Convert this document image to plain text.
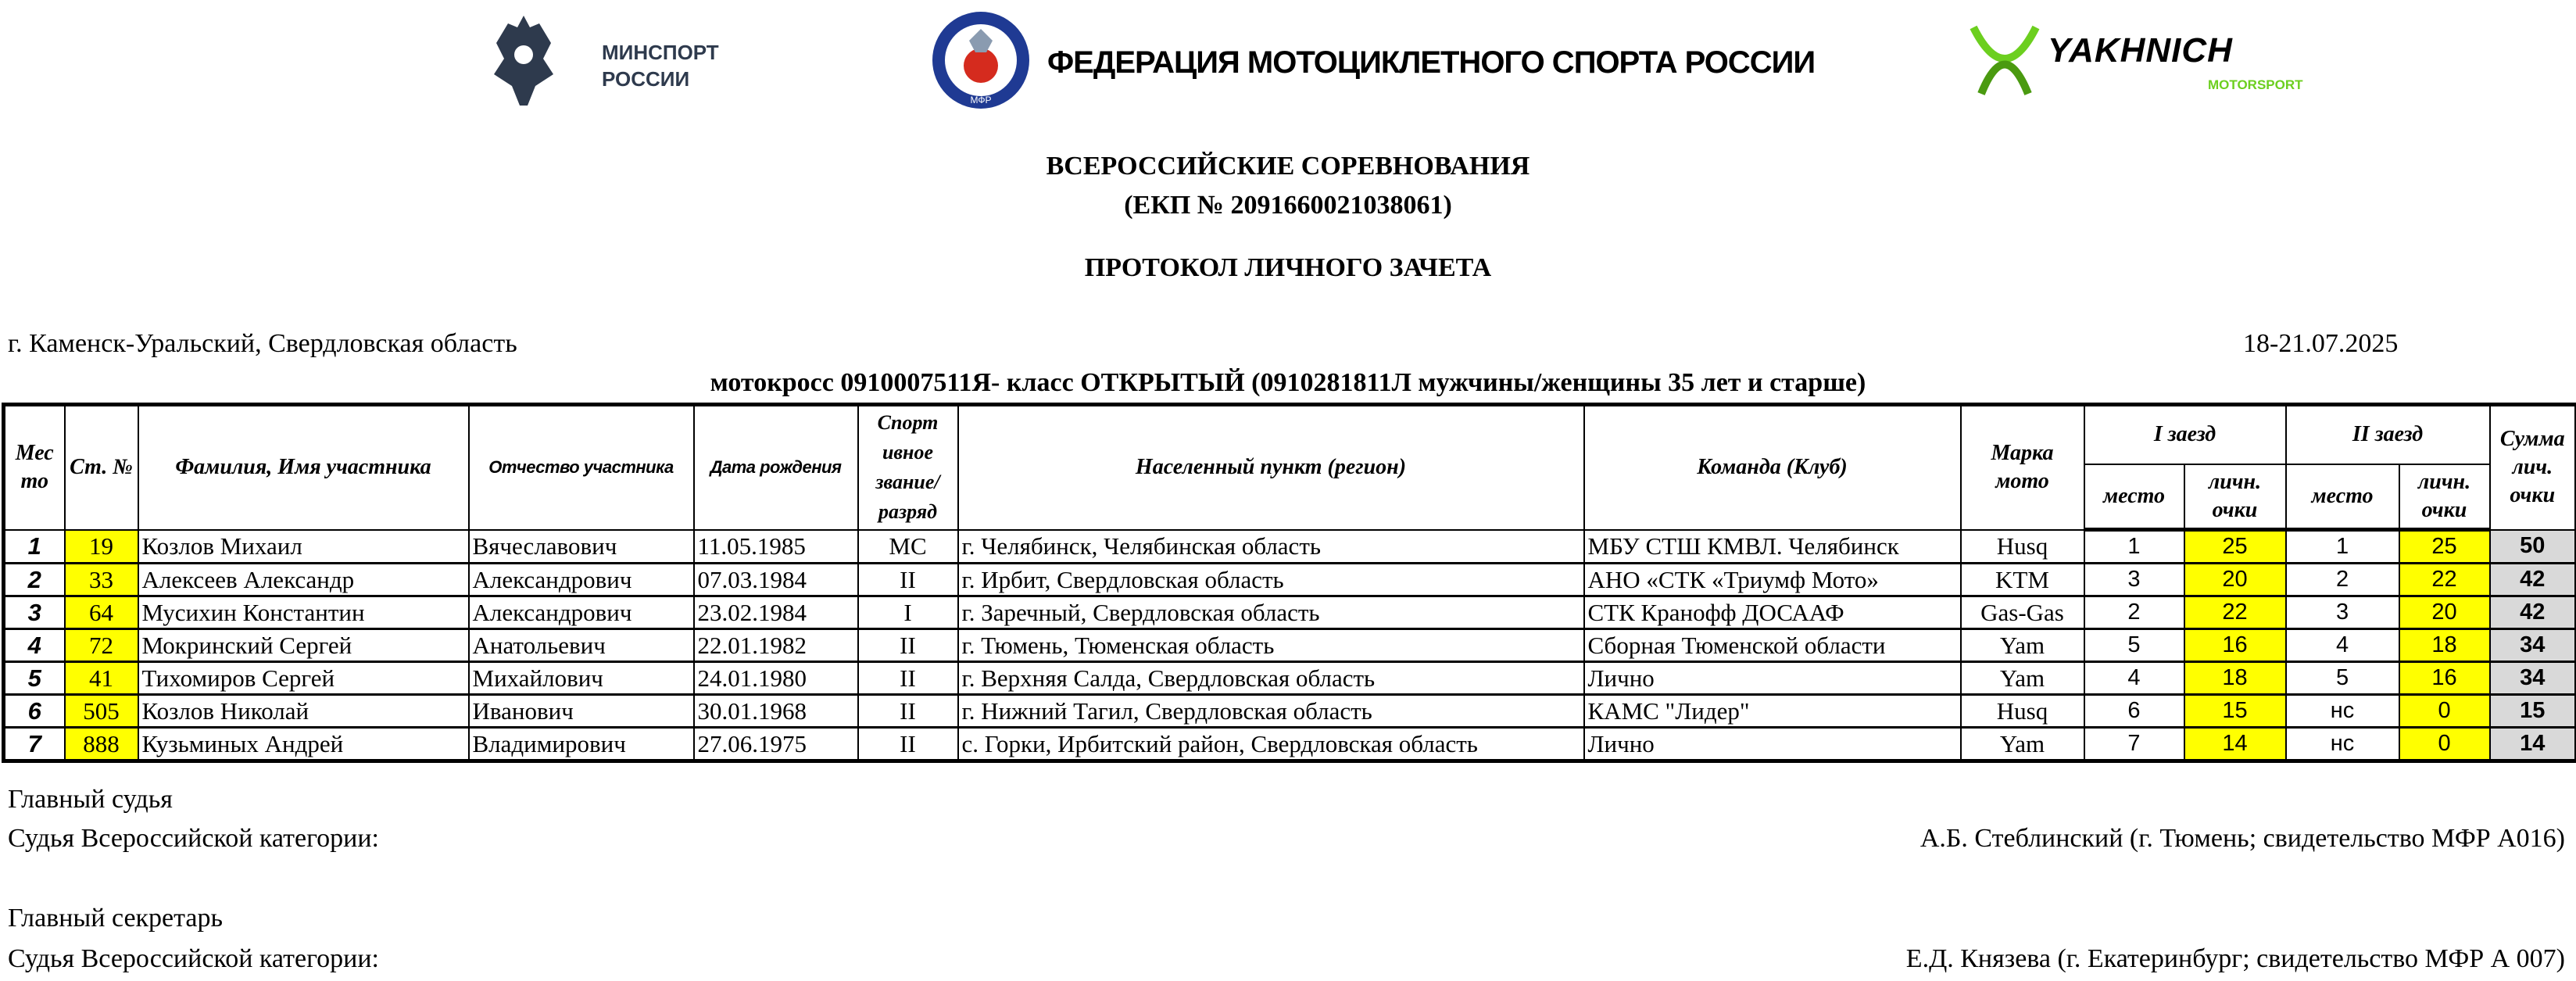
МИНСПОРТ РОССИИ
МФР
ФЕДЕРАЦИЯ МОТОЦИКЛЕТНОГО СПОРТА РОССИИ	YAKHNICH
MOTORSPORT
ВСЕРОССИЙСКИЕ СОРЕВНОВАНИЯ
(ЕКП № 2091660021038061)
ПРОТОКОЛ ЛИЧНОГО ЗАЧЕТА
г. Каменск-Уральский, Свердловская область	18-21.07.2025
мотокросс 0910007511Я- класс ОТКРЫТЫЙ (0910281811Л мужчины/женщины 35 лет и старше)
Мес то	Ст. №	Фамилия, Имя участника	Отчество участника	Дата рождения	Спорт ивное звание/ разряд	Населенный пункт (регион)	Команда (Клуб)	Марка мото	I заезд		II заезд		Сумма лич. очки
									место	личн. очки	место	личн. очки	
1	19	Козлов Михаил	Вячеславович	11.05.1985	МС	г. Челябинск, Челябинская область	МБУ СТШ КМВЛ. Челябинск	Husq	1	25	1	25	50
2	33	Алексеев Александр	Александрович	07.03.1984	II	г. Ирбит, Свердловская область	АНО «СТК «Триумф Мото»	KTM	3	20	2	22	42
3	64	Мусихин Константин	Александрович	23.02.1984	I	г. Заречный, Свердловская область	СТК Кранофф ДОСААФ	Gas-Gas	2	22	3	20	42
4	72	Мокринский Сергей	Анатольевич	22.01.1982	II	г. Тюмень, Тюменская область	Сборная Тюменской области	Yam	5	16	4	18	34
5	41	Тихомиров Сергей	Михайлович	24.01.1980	II	г. Верхняя Салда, Свердловская область	Лично	Yam	4	18	5	16	34
6	505	Козлов Николай	Иванович	30.01.1968	II	г. Нижний Тагил, Свердловская область	КАМС "Лидер"	Husq	6	15	нс	0	15
7	888	Кузьминых Андрей	Владимирович	27.06.1975	II	с. Горки, Ирбитский район, Свердловская область	Лично	Yam	7	14	нс	0	14
Главный судья
Судья Всероссийской категории:	А.Б. Стеблинский (г. Тюмень; свидетельство МФР А016)
Главный секретарь
Судья Всероссийской категории:	Е.Д. Князева (г. Екатеринбург; свидетельство МФР А 007)
